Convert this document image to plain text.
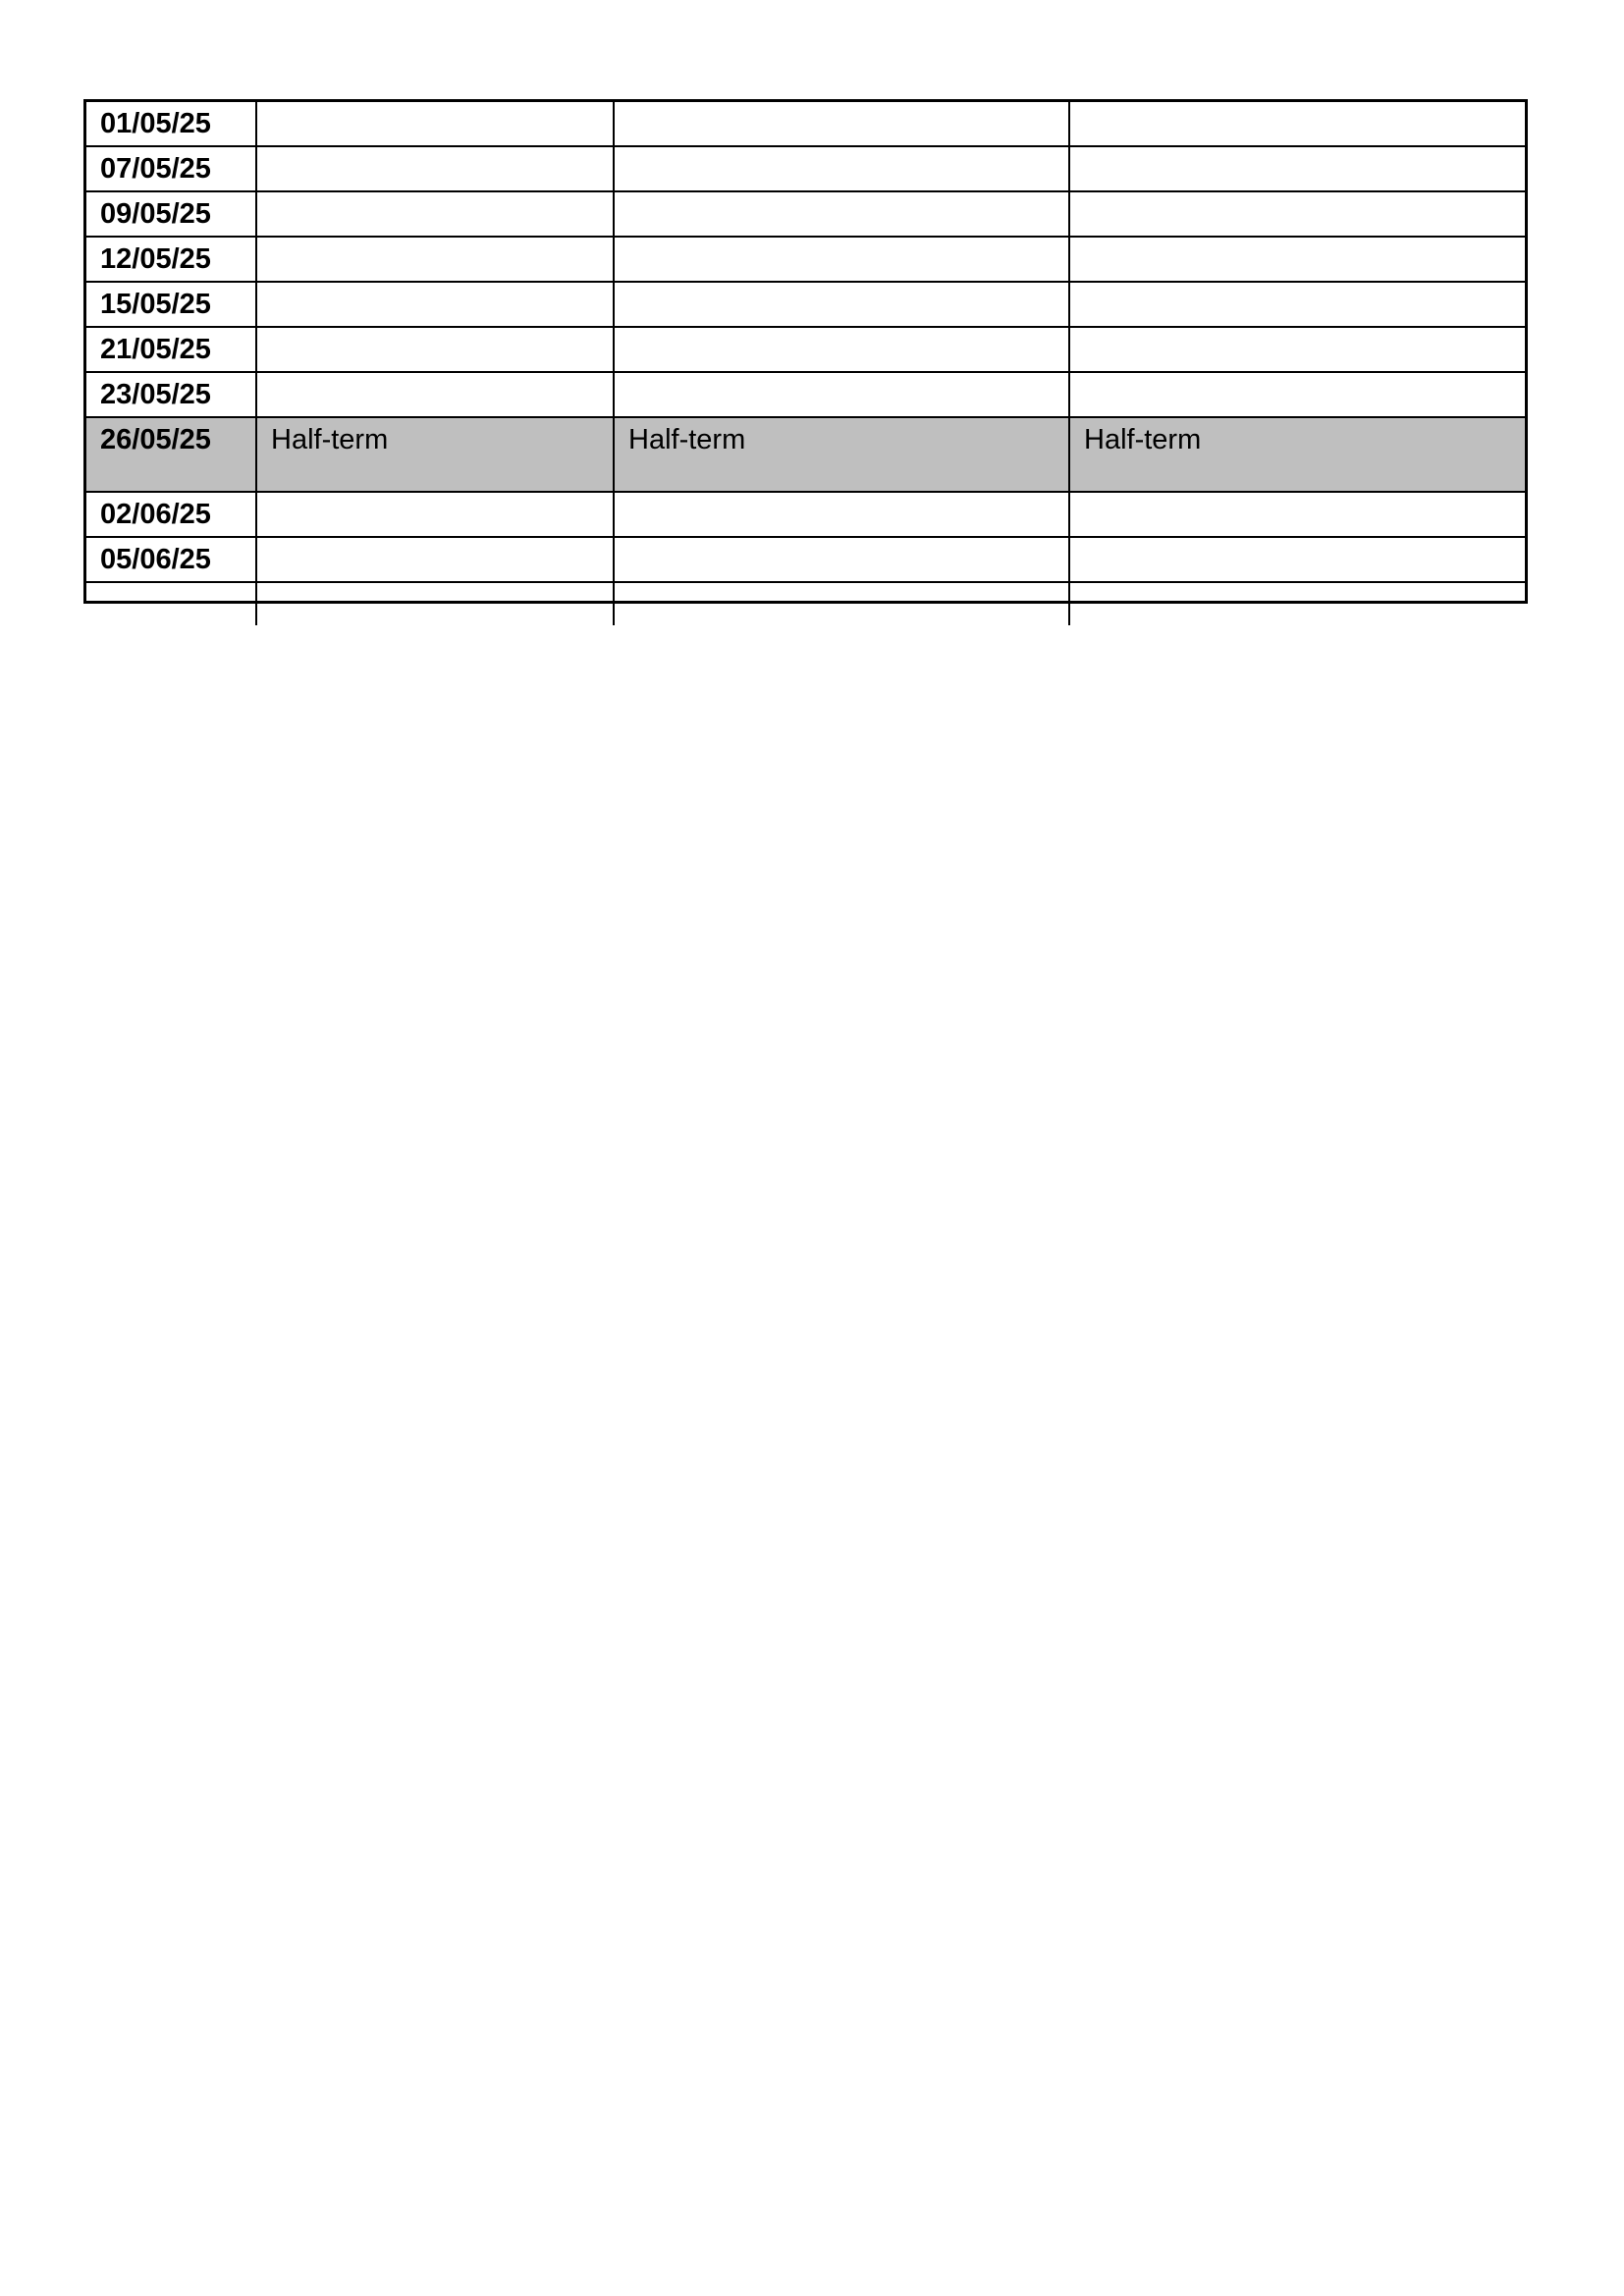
01/05/25			
07/05/25			
09/05/25			
12/05/25			
15/05/25			
21/05/25			
23/05/25			
26/05/25	Half-term	Half-term	Half-term
02/06/25			
05/06/25			
